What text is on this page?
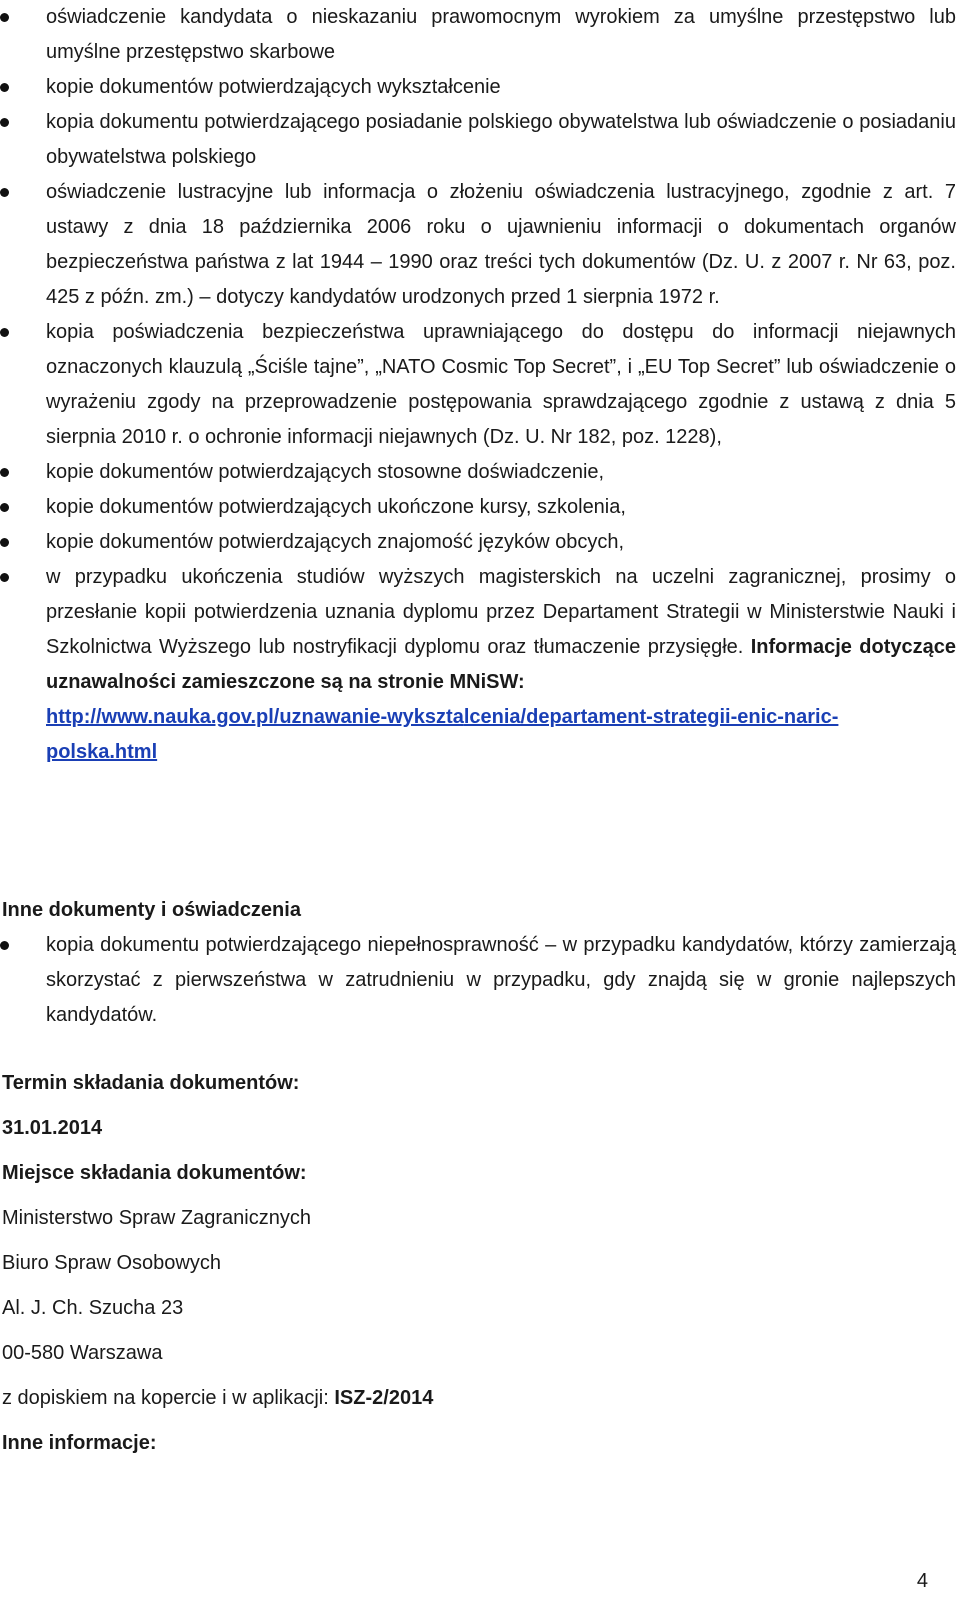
oświadczenie kandydata o nieskazaniu prawomocnym wyrokiem za umyślne przestępstwo lub umyślne przestępstwo skarbowe
kopie dokumentów potwierdzających wykształcenie
kopia dokumentu potwierdzającego posiadanie polskiego obywatelstwa lub oświadczenie o posiadaniu obywatelstwa polskiego
oświadczenie lustracyjne lub informacja o złożeniu oświadczenia lustracyjnego, zgodnie z art. 7 ustawy z dnia 18 października 2006 roku o ujawnieniu informacji o dokumentach organów bezpieczeństwa państwa z lat 1944 – 1990 oraz treści tych dokumentów (Dz. U. z 2007 r. Nr 63, poz. 425 z późn. zm.) – dotyczy kandydatów urodzonych przed 1 sierpnia 1972 r.
kopia poświadczenia bezpieczeństwa uprawniającego do dostępu do informacji niejawnych oznaczonych klauzulą „Ściśle tajne”, „NATO Cosmic Top Secret”, i „EU Top Secret” lub oświadczenie o wyrażeniu zgody na przeprowadzenie postępowania sprawdzającego zgodnie z ustawą z dnia 5 sierpnia 2010 r. o ochronie informacji niejawnych (Dz. U. Nr 182, poz. 1228),
kopie dokumentów potwierdzających stosowne doświadczenie,
kopie dokumentów potwierdzających ukończone kursy, szkolenia,
kopie dokumentów potwierdzających znajomość języków obcych,
w przypadku ukończenia studiów wyższych magisterskich na uczelni zagranicznej, prosimy o przesłanie kopii potwierdzenia uznania dyplomu przez Departament Strategii w Ministerstwie Nauki i Szkolnictwa Wyższego lub nostryfikacji dyplomu oraz tłumaczenie przysięgłe. Informacje dotyczące uznawalności zamieszczone są na stronie MNiSW:
http://www.nauka.gov.pl/uznawanie-wyksztalcenia/departament-strategii-enic-naric-
polska.html
Inne dokumenty i oświadczenia
kopia dokumentu potwierdzającego niepełnosprawność – w przypadku kandydatów, którzy zamierzają skorzystać z pierwszeństwa w zatrudnieniu w przypadku, gdy znajdą się w gronie najlepszych kandydatów.
Termin składania dokumentów:
31.01.2014
Miejsce składania dokumentów:
Ministerstwo Spraw Zagranicznych
Biuro Spraw Osobowych
Al. J. Ch. Szucha 23
00-580 Warszawa
z dopiskiem na kopercie i w aplikacji: ISZ-2/2014
Inne informacje:
4
